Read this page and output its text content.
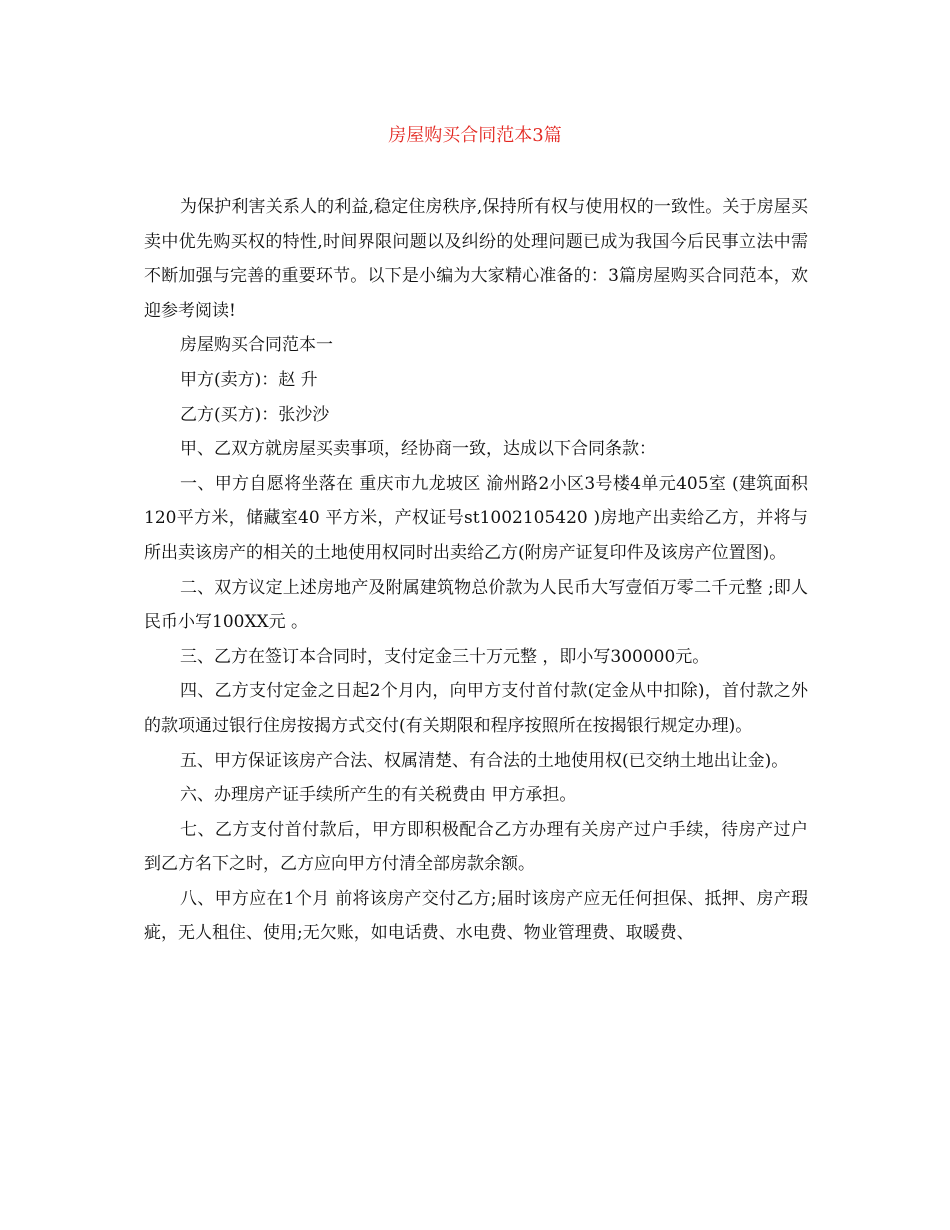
房屋购买合同范本3篇

为保护利害关系人的利益,稳定住房秩序,保持所有权与使用权的一致性。关于房屋买卖中优先购买权的特性,时间界限问题以及纠纷的处理问题已成为我国今后民事立法中需不断加强与完善的重要环节。以下是小编为大家精心准备的：3篇房屋购买合同范本，欢迎参考阅读!

房屋购买合同范本一

甲方(卖方)：赵 升

乙方(买方)：张沙沙

甲、乙双方就房屋买卖事项，经协商一致，达成以下合同条款：

一、甲方自愿将坐落在 重庆市九龙坡区 渝州路2小区3号楼4单元405室 (建筑面积120平方米，储藏室40 平方米，产权证号st1002105420 )房地产出卖给乙方，并将与所出卖该房产的相关的土地使用权同时出卖给乙方(附房产证复印件及该房产位置图)。

二、双方议定上述房地产及附属建筑物总价款为人民币大写壹佰万零二千元整 ;即人民币小写100XX元 。

三、乙方在签订本合同时，支付定金三十万元整 ，即小写300000元。

四、乙方支付定金之日起2个月内，向甲方支付首付款(定金从中扣除)，首付款之外的款项通过银行住房按揭方式交付(有关期限和程序按照所在按揭银行规定办理)。

五、甲方保证该房产合法、权属清楚、有合法的土地使用权(已交纳土地出让金)。

六、办理房产证手续所产生的有关税费由 甲方承担。

七、乙方支付首付款后，甲方即积极配合乙方办理有关房产过户手续，待房产过户到乙方名下之时，乙方应向甲方付清全部房款余额。

八、甲方应在1个月 前将该房产交付乙方;届时该房产应无任何担保、抵押、房产瑕疵，无人租住、使用;无欠账，如电话费、水电费、物业管理费、取暖费、
